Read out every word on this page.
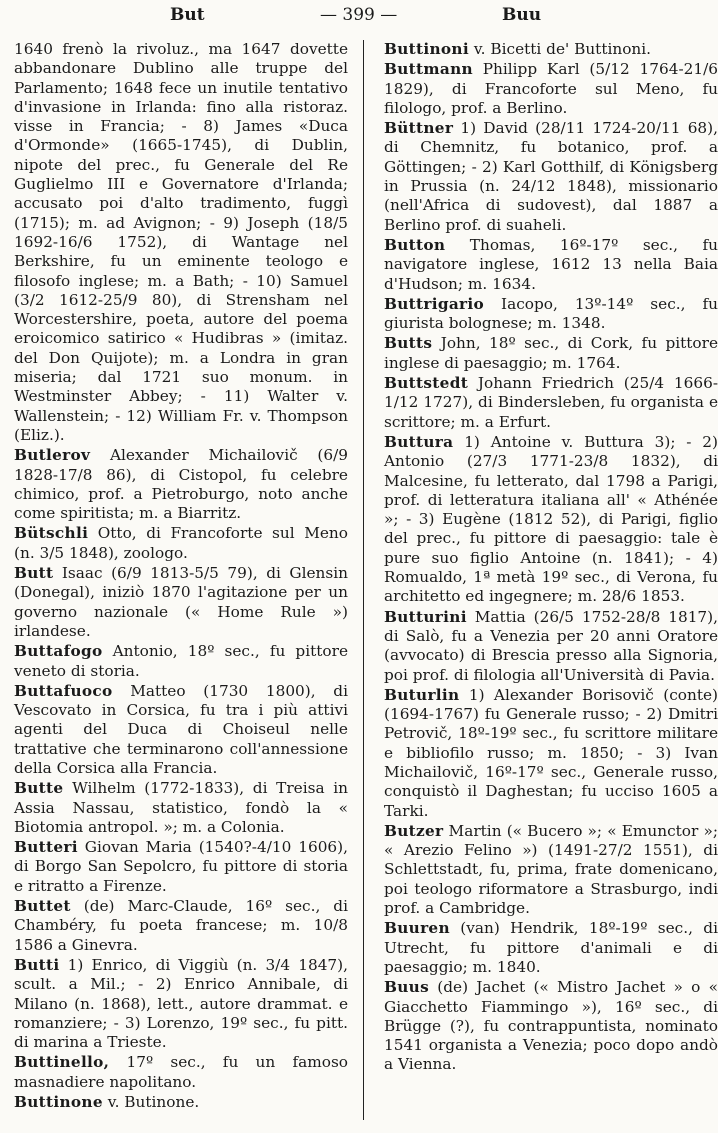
But	— 399 —	Buu

1640 frenò la rivoluz., ma 1647 dovette abbandonare Dublino alle truppe del Parlamento; 1648 fece un inutile tentativo d'invasione in Irlanda: fino alla ristoraz. visse in Francia; - 8) James «Duca d'Ormonde» (1665-1745), di Dublin, nipote del prec., fu Generale del Re Guglielmo III e Governatore d'Irlanda; accusato poi d'alto tradimento, fuggì (1715); m. ad Avignon; - 9) Joseph (18/5 1692-16/6 1752), di Wantage nel Berkshire, fu un eminente teologo e filosofo inglese; m. a Bath; - 10) Samuel (3/2 1612-25/9 80), di Strensham nel Worcestershire, poeta, autore del poema eroicomico satirico « Hudibras » (imitaz. del Don Quijote); m. a Londra in gran miseria; dal 1721 suo monum. in Westminster Abbey; - 11) Walter v. Wallenstein; - 12) William Fr. v. Thompson (Eliz.).

Butlerov Alexander Michailovič (6/9 1828-17/8 86), di Cistopol, fu celebre chimico, prof. a Pietroburgo, noto anche come spiritista; m. a Biarritz.

Bütschli Otto, di Francoforte sul Meno (n. 3/5 1848), zoologo.

Butt Isaac (6/9 1813-5/5 79), di Glensin (Donegal), iniziò 1870 l'agitazione per un governo nazionale (« Home Rule ») irlandese.

Buttafogo Antonio, 18º sec., fu pittore veneto di storia.

Buttafuoco Matteo (1730 1800), di Vescovato in Corsica, fu tra i più attivi agenti del Duca di Choiseul nelle trattative che terminarono coll'annessione della Corsica alla Francia.

Butte Wilhelm (1772-1833), di Treisa in Assia Nassau, statistico, fondò la « Biotomia antropol. »; m. a Colonia.

Butteri Giovan Maria (1540?-4/10 1606), di Borgo San Sepolcro, fu pittore di storia e ritratto a Firenze.

Buttet (de) Marc-Claude, 16º sec., di Chambéry, fu poeta francese; m. 10/8 1586 a Ginevra.

Butti 1) Enrico, di Viggiù (n. 3/4 1847), scult. a Mil.; - 2) Enrico Annibale, di Milano (n. 1868), lett., autore drammat. e romanziere; - 3) Lorenzo, 19º sec., fu pitt. di marina a Trieste.

Buttinello, 17º sec., fu un famoso masnadiere napolitano.

Buttinone v. Butinone.

Buttinoni v. Bicetti de' Buttinoni.

Buttmann Philipp Karl (5/12 1764-21/6 1829), di Francoforte sul Meno, fu filologo, prof. a Berlino.

Büttner 1) David (28/11 1724-20/11 68), di Chemnitz, fu botanico, prof. a Göttingen; - 2) Karl Gotthilf, di Königsberg in Prussia (n. 24/12 1848), missionario (nell'Africa di sudovest), dal 1887 a Berlino prof. di suaheli.

Button Thomas, 16º-17º sec., fu navigatore inglese, 1612 13 nella Baia d'Hudson; m. 1634.

Buttrigario Iacopo, 13º-14º sec., fu giurista bolognese; m. 1348.

Butts John, 18º sec., di Cork, fu pittore inglese di paesaggio; m. 1764.

Buttstedt Johann Friedrich (25/4 1666-1/12 1727), di Bindersleben, fu organista e scrittore; m. a Erfurt.

Buttura 1) Antoine v. Buttura 3); - 2) Antonio (27/3 1771-23/8 1832), di Malcesine, fu letterato, dal 1798 a Parigi, prof. di letteratura italiana all' « Athénée »; - 3) Eugène (1812 52), di Parigi, figlio del prec., fu pittore di paesaggio: tale è pure suo figlio Antoine (n. 1841); - 4) Romualdo, 1ª metà 19º sec., di Verona, fu architetto ed ingegnere; m. 28/6 1853.

Butturini Mattia (26/5 1752-28/8 1817), di Salò, fu a Venezia per 20 anni Oratore (avvocato) di Brescia presso alla Signoria, poi prof. di filologia all'Università di Pavia.

Buturlin 1) Alexander Borisovič (conte) (1694-1767) fu Generale russo; - 2) Dmitri Petrovič, 18º-19º sec., fu scrittore militare e bibliofilo russo; m. 1850; - 3) Ivan Michailovič, 16º-17º sec., Generale russo, conquistò il Daghestan; fu ucciso 1605 a Tarki.

Butzer Martin (« Bucero »; « Emunctor »; « Arezio Felino ») (1491-27/2 1551), di Schlettstadt, fu, prima, frate domenicano, poi teologo riformatore a Strasburgo, indi prof. a Cambridge.

Buuren (van) Hendrik, 18º-19º sec., di Utrecht, fu pittore d'animali e di paesaggio; m. 1840.

Buus (de) Jachet (« Mistro Jachet » o « Giacchetto Fiammingo »), 16º sec., di Brügge (?), fu contrappuntista, nominato 1541 organista a Venezia; poco dopo andò a Vienna.
